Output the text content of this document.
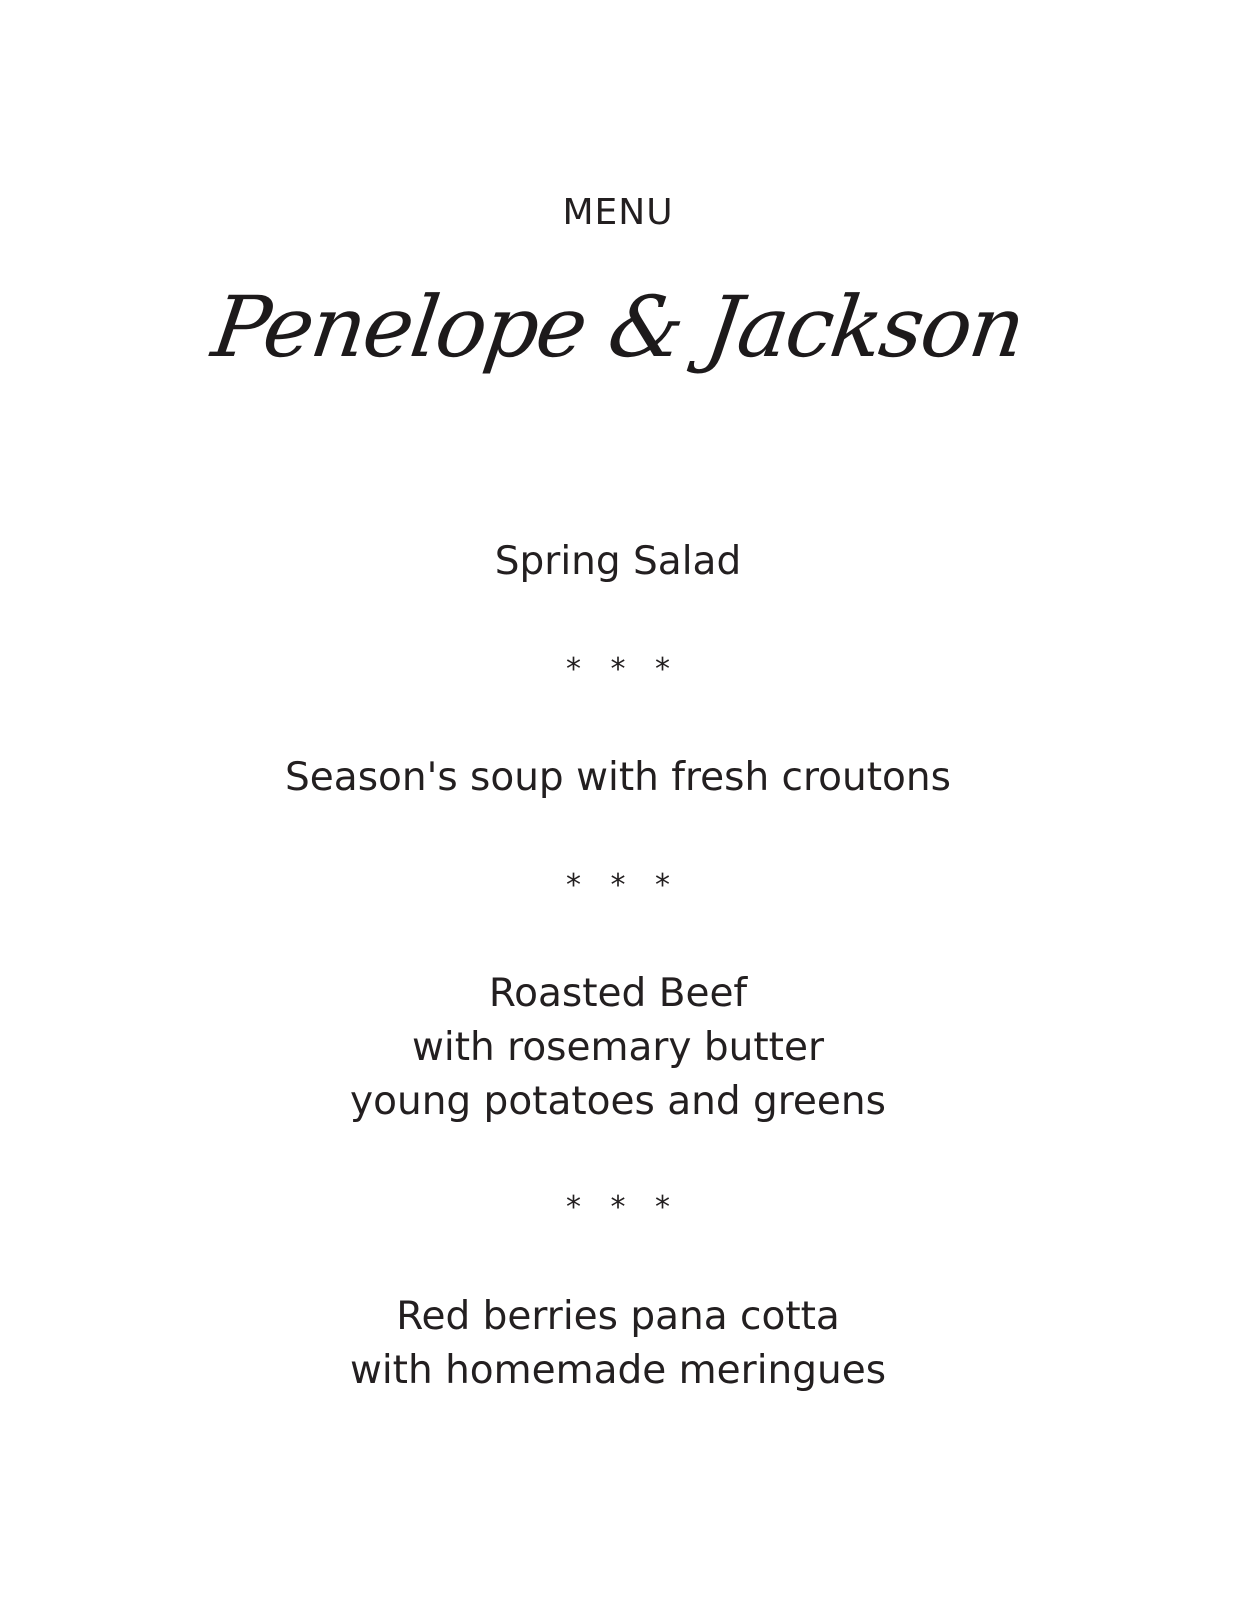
MENU
Penelope & Jackson
Spring Salad
* * *
Season's soup with fresh croutons
* * *
Roasted Beef
with rosemary butter
young potatoes and greens
* * *
Red berries pana cotta
with homemade meringues
